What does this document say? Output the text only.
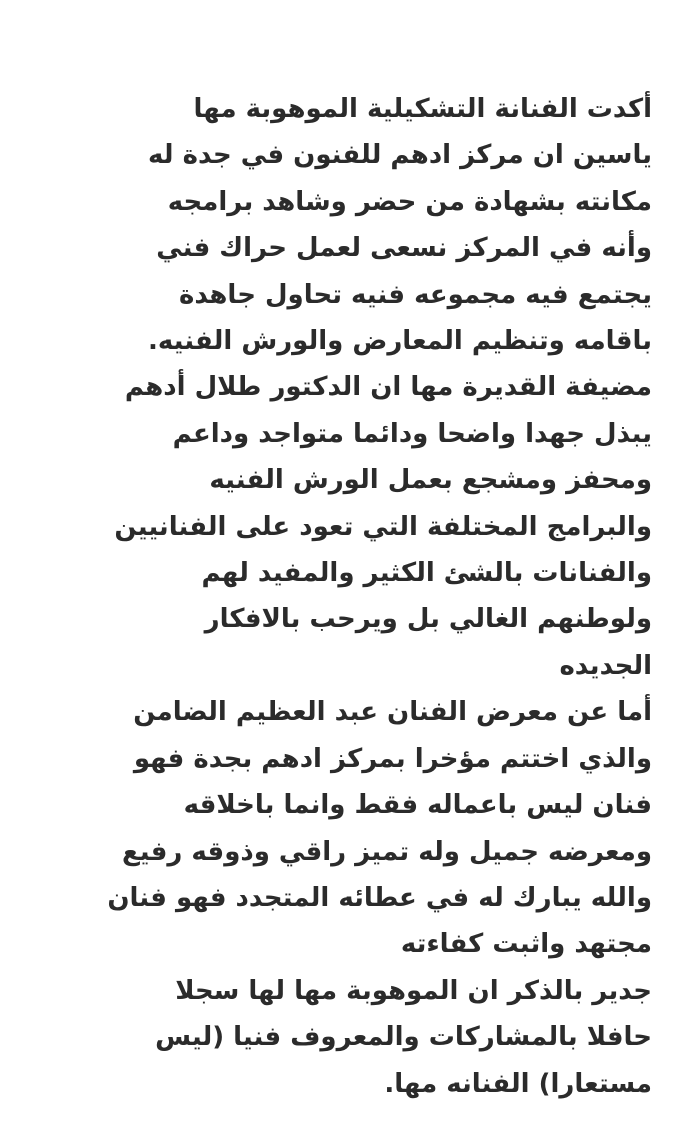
أكدت الفنانة التشكيلية الموهوبة مها
ياسين ان مركز ادهم للفنون في جدة له
مكانته بشهادة من حضر وشاهد برامجه
وأنه في المركز نسعى لعمل حراك فني
يجتمع فيه مجموعه فنيه تحاول جاهدة
باقامه وتنظيم المعارض والورش الفنيه.
مضيفة القديرة مها ان الدكتور طلال أدهم
يبذل جهدا واضحا ودائما متواجد وداعم
ومحفز ومشجع بعمل الورش الفنيه
والبرامج المختلفة التي تعود على الفنانيين
والفنانات بالشئ الكثير والمفيد لهم
ولوطنهم الغالي بل ويرحب بالافكار
الجديده
أما عن معرض الفنان عبد العظيم الضامن
والذي اختتم مؤخرا بمركز ادهم بجدة فهو
فنان ليس باعماله فقط وانما باخلاقه
ومعرضه جميل وله تميز راقي وذوقه رفيع
والله يبارك له في عطائه المتجدد فهو فنان
مجتهد واثبت كفاءته
جدير بالذكر ان الموهوبة مها لها سجلا
حافلا بالمشاركات والمعروف فنيا (ليس
مستعارا) الفنانه مها.
